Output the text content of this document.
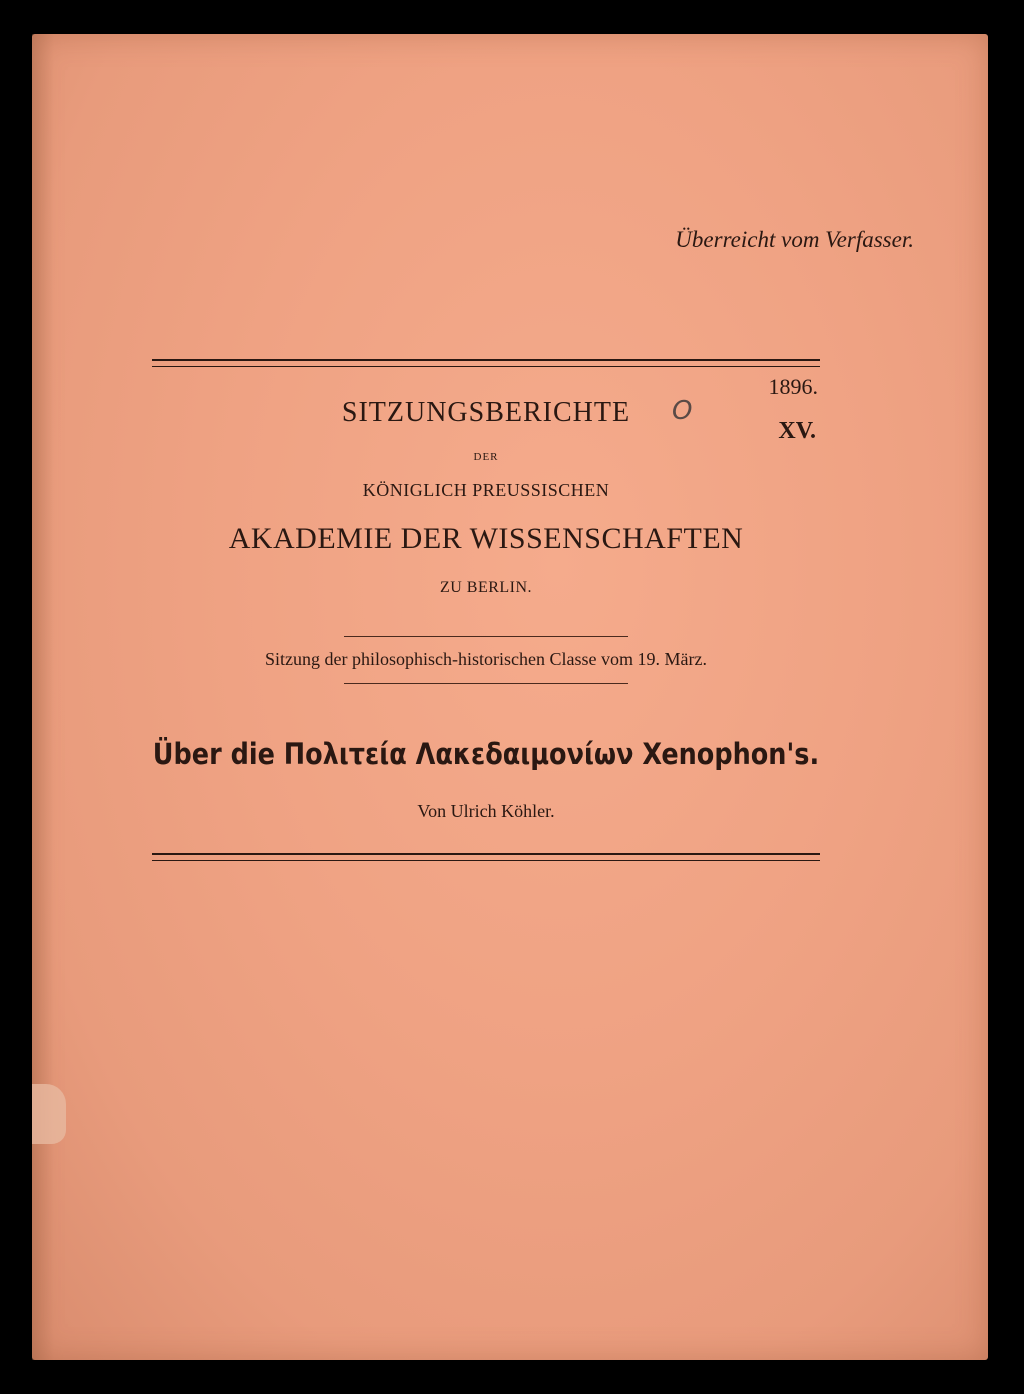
Überreicht vom Verfasser.
1896.
XV.
SITZUNGSBERICHTE	O
DER
KÖNIGLICH PREUSSISCHEN
AKADEMIE DER WISSENSCHAFTEN
ZU BERLIN.
Sitzung der philosophisch-historischen Classe vom 19. März.
Über die Πολιτεία Λακεδαιμονίων Xenophon's.
Von Ulrich Köhler.
